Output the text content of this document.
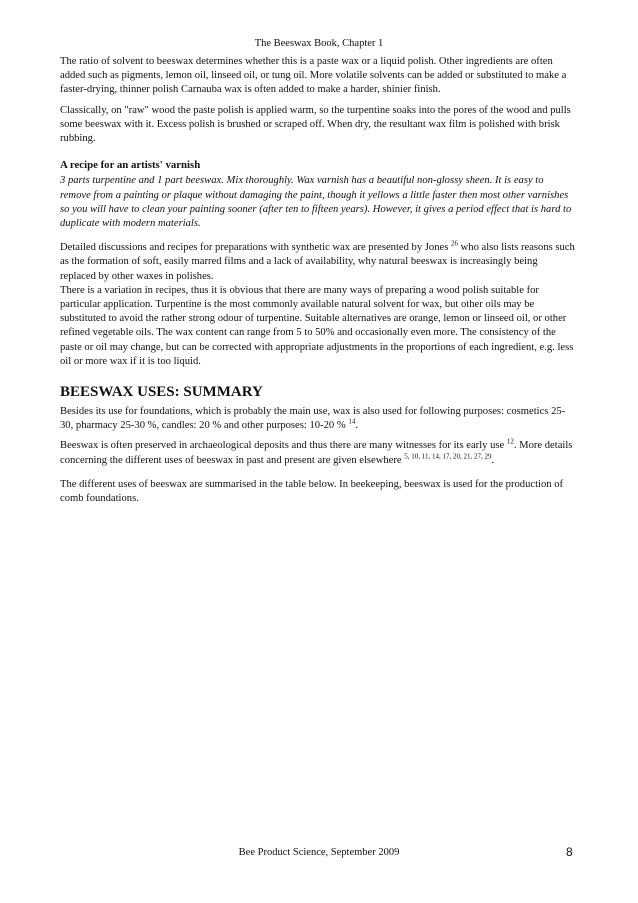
The Beeswax Book, Chapter 1

The ratio of solvent to beeswax determines whether this is a paste wax or a liquid polish. Other ingredients are often added such as pigments, lemon oil, linseed oil, or tung oil. More volatile solvents can be added or substituted to make a faster-drying, thinner polish Carnauba wax is often added to make a harder, shinier finish.

Classically, on "raw" wood the paste polish is applied warm, so the turpentine soaks into the pores of the wood and pulls some beeswax with it. Excess polish is brushed or scraped off. When dry, the resultant wax film is polished with brisk rubbing.

A recipe for an artists' varnish

3 parts turpentine and 1 part beeswax. Mix thoroughly. Wax varnish has a beautiful non-glossy sheen. It is easy to remove from a painting or plaque without damaging the paint, though it yellows a little faster then most other varnishes so you will have to clean your painting sooner (after ten to fifteen years). However, it gives a period effect that is hard to duplicate with modern materials.

Detailed discussions and recipes for preparations with synthetic wax are presented by Jones $^{26}$ who also lists reasons such as the formation of soft, easily marred films and a lack of availability, why natural beeswax is increasingly being replaced by other waxes in polishes.

There is a variation in recipes, thus it is obvious that there are many ways of preparing a wood polish suitable for particular application. Turpentine is the most commonly available natural solvent for wax, but other oils may be substituted to avoid the rather strong odour of turpentine. Suitable alternatives are orange, lemon or linseed oil, or other refined vegetable oils. The wax content can range from 5 to 50% and occasionally even more. The consistency of the paste or oil may change, but can be corrected with appropriate adjustments in the proportions of each ingredient, e.g. less oil or more wax if it is too liquid.

BEESWAX USES: SUMMARY

Besides its use for foundations, which is probably the main use, wax is also used for following purposes: cosmetics 25-30, pharmacy 25-30 %, candles: 20 % and other purposes: 10-20 % $^{14}$.

Beeswax is often preserved in archaeological deposits and thus there are many witnesses for its early use $^{12}$. More details concerning the different uses of beeswax in past and present are given elsewhere $^{5, 10, 11, 14, 17, 20, 21, 27, 29}$.

The different uses of beeswax are summarised in the table below. In beekeeping, beeswax is used for the production of comb foundations.

Bee Product Science, September 2009	8
